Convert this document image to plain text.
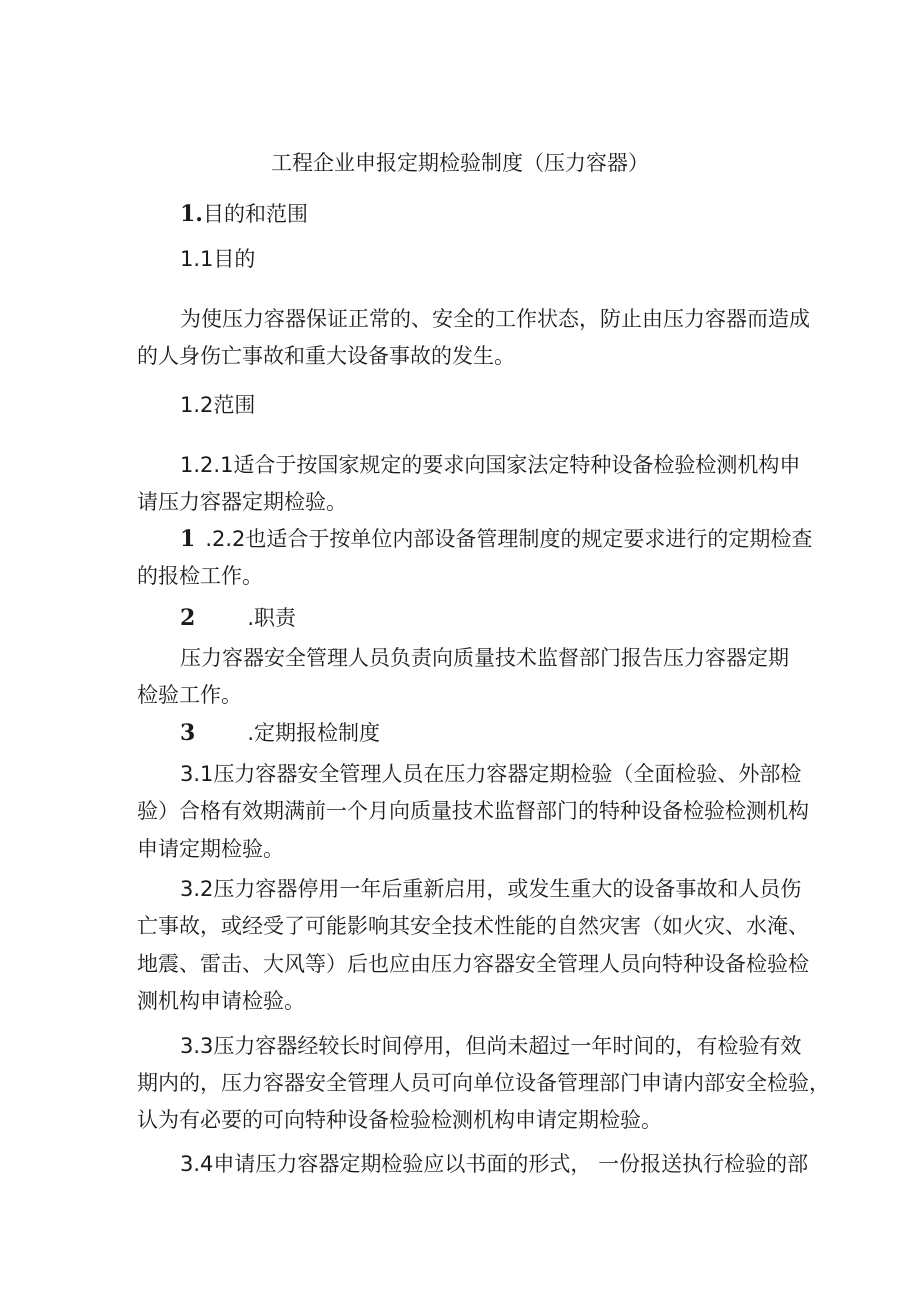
工程企业申报定期检验制度（压力容器）
1.目的和范围
1.1目的
为使压力容器保证正常的、安全的工作状态，防止由压力容器而造成
的人身伤亡事故和重大设备事故的发生。
1.2范围
1.2.1适合于按国家规定的要求向国家法定特种设备检验检测机构申
请压力容器定期检验。
1 .2.2也适合于按单位内部设备管理制度的规定要求进行的定期检查
的报检工作。
2 .职责
压力容器安全管理人员负责向质量技术监督部门报告压力容器定期
检验工作。
3 .定期报检制度
3.1压力容器安全管理人员在压力容器定期检验（全面检验、外部检
验）合格有效期满前一个月向质量技术监督部门的特种设备检验检测机构
申请定期检验。
3.2压力容器停用一年后重新启用，或发生重大的设备事故和人员伤
亡事故，或经受了可能影响其安全技术性能的自然灾害（如火灾、水淹、
地震、雷击、大风等）后也应由压力容器安全管理人员向特种设备检验检
测机构申请检验。
3.3压力容器经较长时间停用，但尚未超过一年时间的，有检验有效
期内的，压力容器安全管理人员可向单位设备管理部门申请内部安全检验，
认为有必要的可向特种设备检验检测机构申请定期检验。
3.4申请压力容器定期检验应以书面的形式， 一份报送执行检验的部
